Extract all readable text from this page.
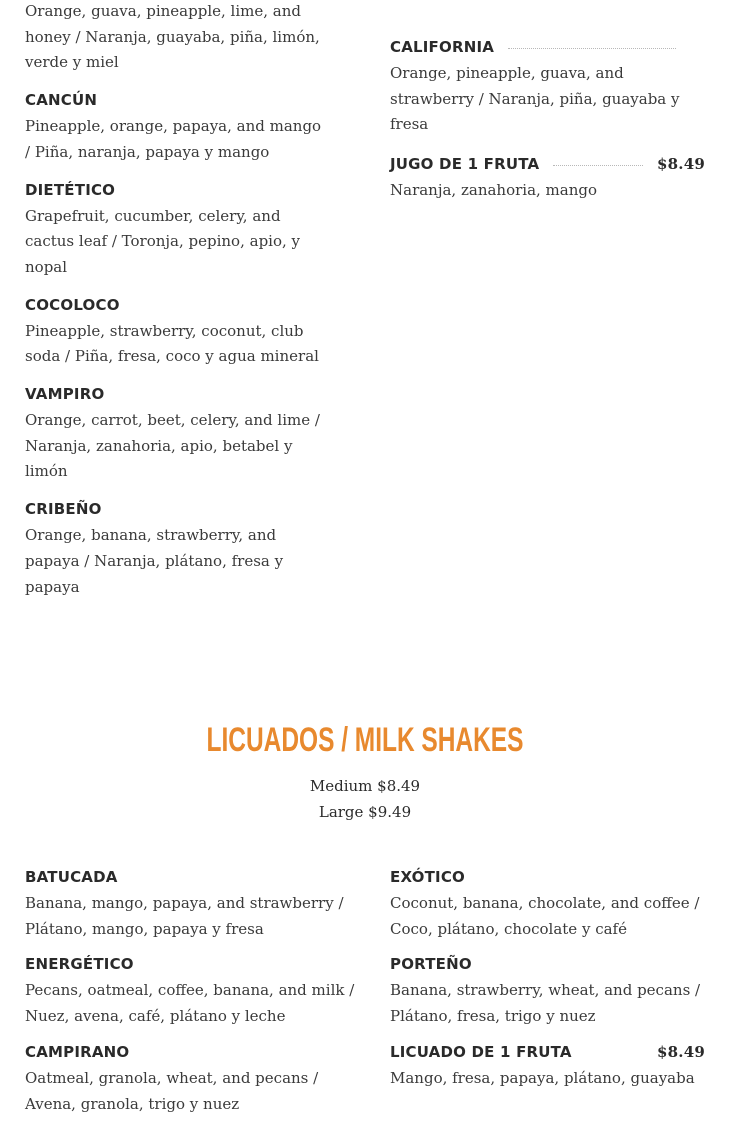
Orange, guava, pineapple, lime, and honey / Naranja, guayaba, piña, limón, verde y miel
CANCÚN
Pineapple, orange, papaya, and mango / Piña, naranja, papaya y mango
DIETÉTICO
Grapefruit, cucumber, celery, and cactus leaf / Toronja, pepino, apio, y nopal
COCOLOCO
Pineapple, strawberry, coconut, club soda / Piña, fresa, coco y agua mineral
VAMPIRO
Orange, carrot, beet, celery, and lime / Naranja, zanahoria, apio, betabel y limón
CRIBEÑO
Orange, banana, strawberry, and papaya / Naranja, plátano, fresa y papaya
CALIFORNIA
Orange, pineapple, guava, and strawberry / Naranja, piña, guayaba y fresa
JUGO DE 1 FRUTA	$8.49
Naranja, zanahoria, mango
LICUADOS / MILK SHAKES
Medium $8.49
Large $9.49
BATUCADA
Banana, mango, papaya, and strawberry / Plátano, mango, papaya y fresa
ENERGÉTICO
Pecans, oatmeal, coffee, banana, and milk / Nuez, avena, café, plátano y leche
CAMPIRANO
Oatmeal, granola, wheat, and pecans / Avena, granola, trigo y nuez
EXÓTICO
Coconut, banana, chocolate, and coffee / Coco, plátano, chocolate y café
PORTEÑO
Banana, strawberry, wheat, and pecans / Plátano, fresa, trigo y nuez
LICUADO DE 1 FRUTA	$8.49
Mango, fresa, papaya, plátano, guayaba
